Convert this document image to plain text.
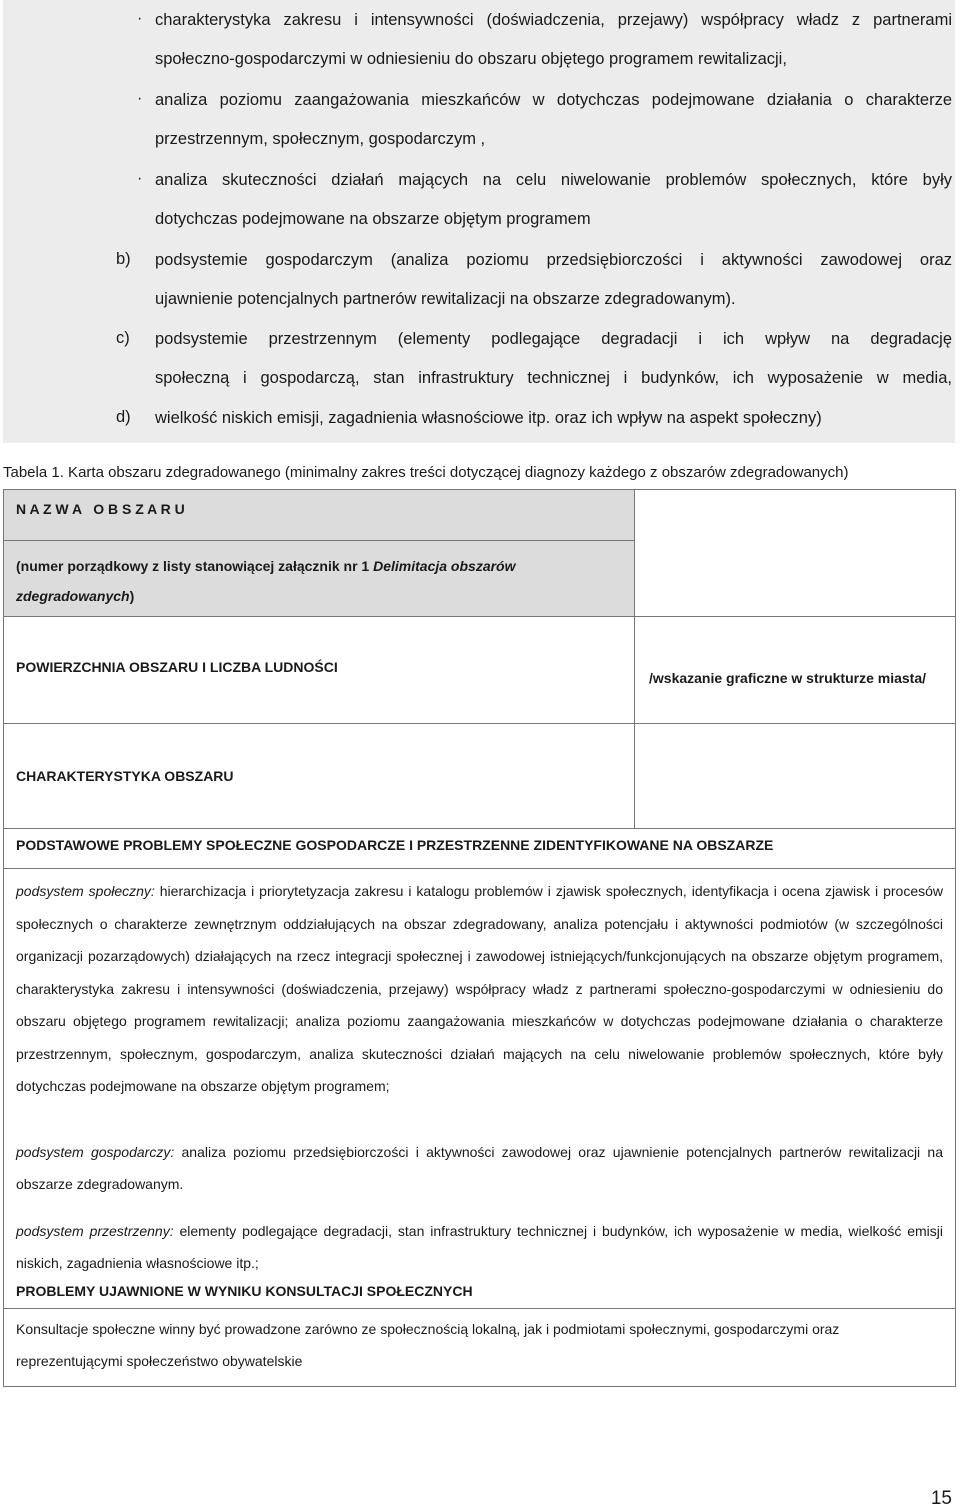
· charakterystyka zakresu i intensywności (doświadczenia, przejawy) współpracy władz z partnerami
społeczno-gospodarczymi w odniesieniu do obszaru objętego programem rewitalizacji,
· analiza poziomu zaangażowania mieszkańców w dotychczas podejmowane działania o charakterze
przestrzennym, społecznym, gospodarczym ,
· analiza skuteczności działań mających na celu niwelowanie problemów społecznych, które były
dotychczas podejmowane na obszarze objętym programem
b) podsystemie gospodarczym (analiza poziomu przedsiębiorczości i aktywności zawodowej oraz
ujawnienie potencjalnych partnerów rewitalizacji na obszarze zdegradowanym).
c) podsystemie przestrzennym (elementy podlegające degradacji i ich wpływ na degradację
społeczną i gospodarczą, stan infrastruktury technicznej i budynków, ich wyposażenie w media,
d) wielkość niskich emisji, zagadnienia własnościowe itp. oraz ich wpływ na aspekt społeczny)
Tabela 1. Karta obszaru zdegradowanego (minimalny zakres treści dotyczącej diagnozy każdego z obszarów zdegradowanych)
N A Z W A   O B S Z A R U	
(numer porządkowy z listy stanowiącej załącznik nr 1 Delimitacja obszarów
zdegradowanych)	
POWIERZCHNIA OBSZARU I LICZBA LUDNOŚCI	/wskazanie graficzne w strukturze miasta/
CHARAKTERYSTYKA OBSZARU	
PODSTAWOWE PROBLEMY SPOŁECZNE GOSPODARCZE I PRZESTRZENNE ZIDENTYFIKOWANE NA OBSZARZE	

podsystem społeczny: hierarchizacja i priorytetyzacja zakresu i katalogu problemów i zjawisk społecznych, identyfikacja i ocena zjawisk i procesów społecznych o charakterze zewnętrznym oddziałujących na obszar zdegradowany, analiza potencjału i aktywności podmiotów (w szczególności organizacji pozarządowych) działających na rzecz integracji społecznej i zawodowej istniejących/funkcjonujących na obszarze objętym programem, charakterystyka zakresu i intensywności (doświadczenia, przejawy) współpracy władz z partnerami społeczno-gospodarczymi w odniesieniu do obszaru objętego programem rewitalizacji; analiza poziomu zaangażowania mieszkańców w dotychczas podejmowane działania o charakterze przestrzennym, społecznym, gospodarczym, analiza skuteczności działań mających na celu niwelowanie problemów społecznych, które były dotychczas podejmowane na obszarze objętym programem;
podsystem gospodarczy: analiza poziomu przedsiębiorczości i aktywności zawodowej oraz ujawnienie potencjalnych partnerów rewitalizacji na obszarze zdegradowanym.
podsystem przestrzenny: elementy podlegające degradacji, stan infrastruktury technicznej i budynków, ich wyposażenie w media, wielkość emisji niskich, zagadnienia własnościowe itp.;
PROBLEMY UJAWNIONE W WYNIKU KONSULTACJI SPOŁECZNYCH	

Konsultacje społeczne winny być prowadzone zarówno ze społecznością lokalną, jak i podmiotami społecznymi, gospodarczymi oraz reprezentującymi społeczeństwo obywatelskie	
15
